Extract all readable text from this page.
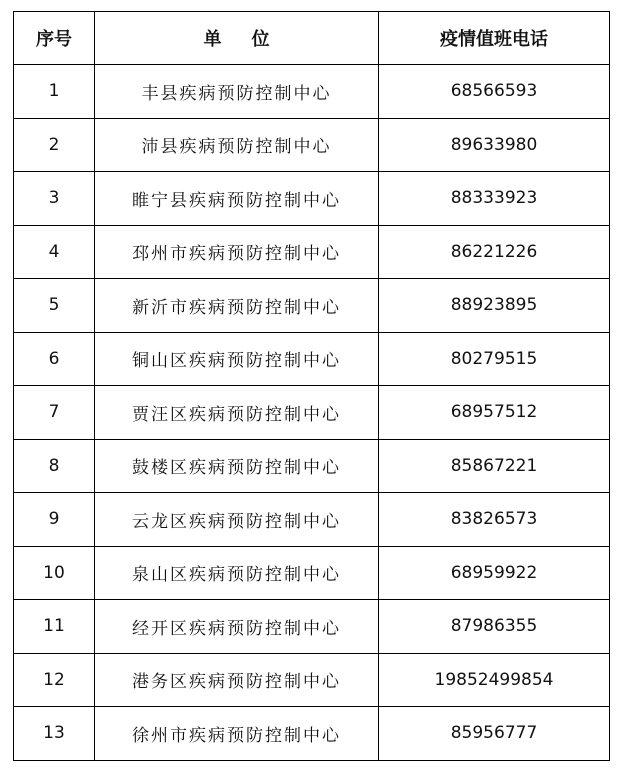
序号	单 位	疫情值班电话
1	丰县疾病预防控制中心	68566593
2	沛县疾病预防控制中心	89633980
3	睢宁县疾病预防控制中心	88333923
4	邳州市疾病预防控制中心	86221226
5	新沂市疾病预防控制中心	88923895
6	铜山区疾病预防控制中心	80279515
7	贾汪区疾病预防控制中心	68957512
8	鼓楼区疾病预防控制中心	85867221
9	云龙区疾病预防控制中心	83826573
10	泉山区疾病预防控制中心	68959922
11	经开区疾病预防控制中心	87986355
12	港务区疾病预防控制中心	19852499854
13	徐州市疾病预防控制中心	85956777
